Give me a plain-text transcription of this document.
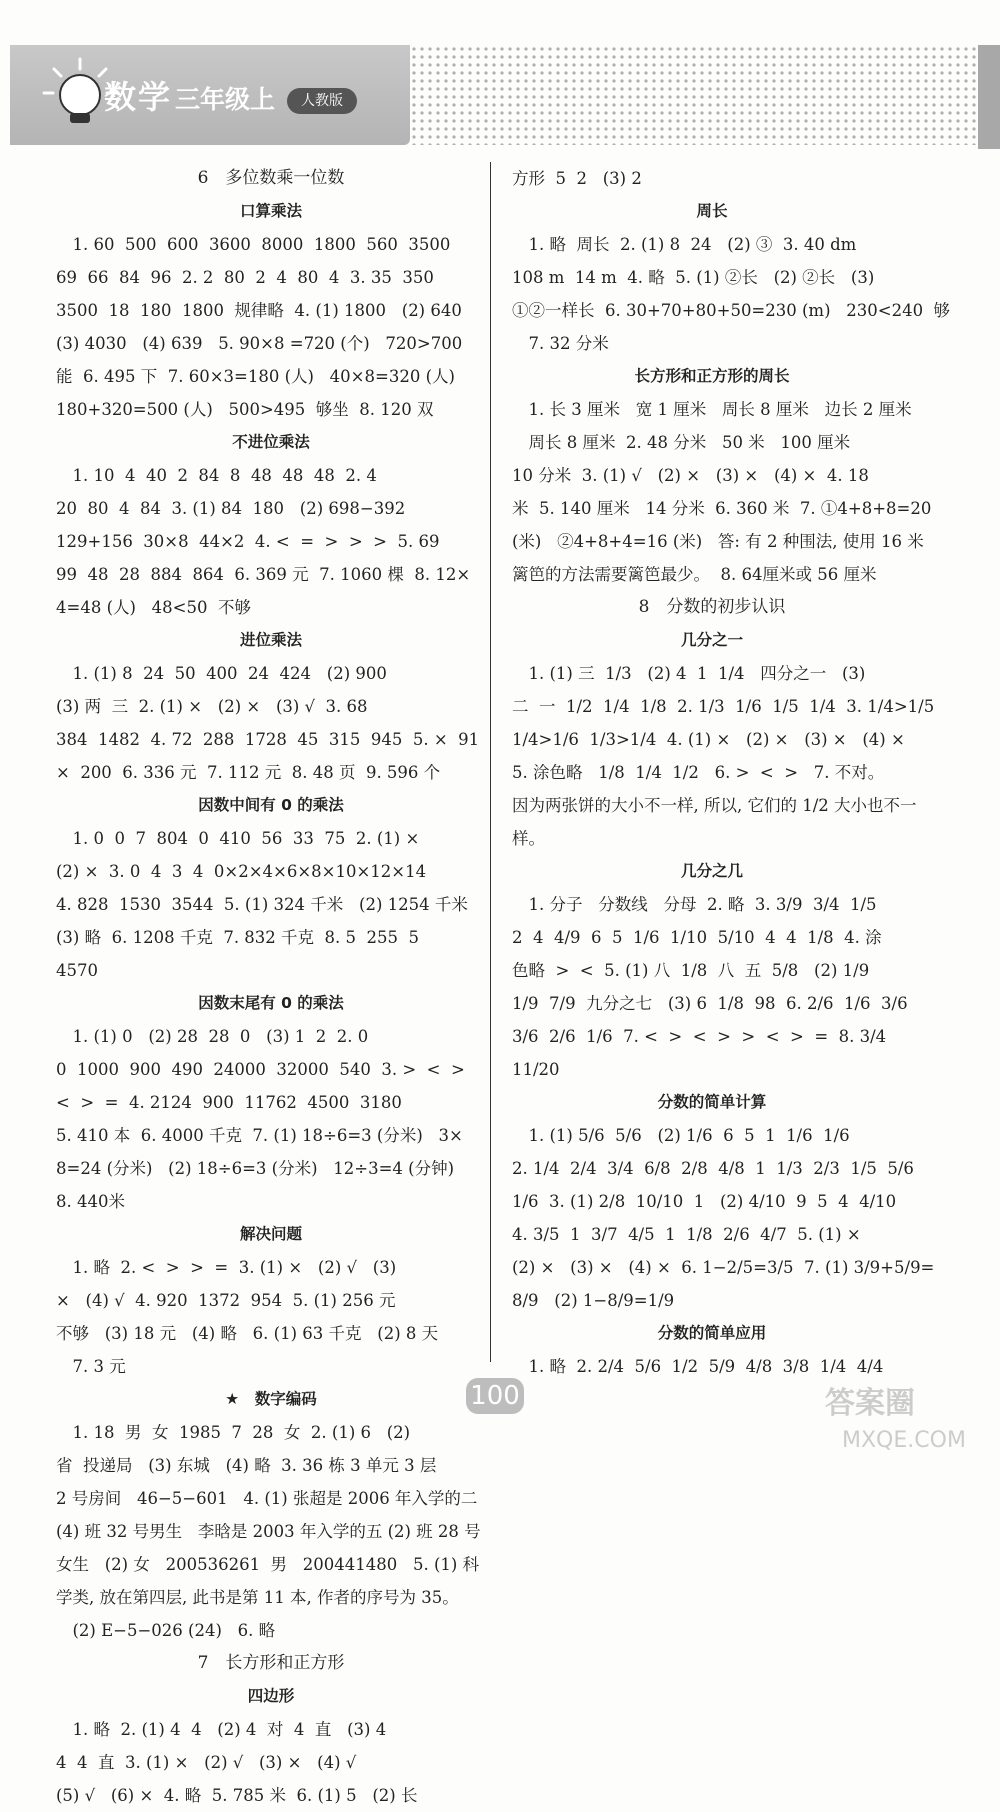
数学 三年级上	人教版

6　多位数乘一位数

口算乘法

　1. 60  500  600  3600  8000  1800  560  3500

69  66  84  96  2. 2  80  2  4  80  4  3. 35  350

3500  18  180  1800  规律略  4. (1) 1800   (2) 640

(3) 4030   (4) 639   5. 90×8 =720 (个)   720>700

能  6. 495 下  7. 60×3=180 (人)   40×8=320 (人)

180+320=500 (人)   500>495  够坐  8. 120 双

不进位乘法

　1. 10  4  40  2  84  8  48  48  48  2. 4

20  80  4  84  3. (1) 84  180   (2) 698−392

129+156  30×8  44×2  4. <  =  >  >  >  5. 69

99  48  28  884  864  6. 369 元  7. 1060 棵  8. 12×

4=48 (人)   48<50  不够

进位乘法

　1. (1) 8  24  50  400  24  424   (2) 900

(3) 两  三  2. (1) ×   (2) ×   (3) √  3. 68

384  1482  4. 72  288  1728  45  315  945  5. ×  91

×  200  6. 336 元  7. 112 元  8. 48 页  9. 596 个

因数中间有 0 的乘法

　1. 0  0  7  804  0  410  56  33  75  2. (1) ×

(2) ×  3. 0  4  3  4  0×2×4×6×8×10×12×14

4. 828  1530  3544  5. (1) 324 千米   (2) 1254 千米

(3) 略  6. 1208 千克  7. 832 千克  8. 5  255  5

4570

因数末尾有 0 的乘法

　1. (1) 0   (2) 28  28  0   (3) 1  2  2. 0

0  1000  900  490  24000  32000  540  3. >  <  >

<  >  =  4. 2124  900  11762  4500  3180

5. 410 本  6. 4000 千克  7. (1) 18÷6=3 (分米)   3×

8=24 (分米)   (2) 18÷6=3 (分米)   12÷3=4 (分钟)

8. 440米

解决问题

　1. 略  2. <  >  >  =  3. (1) ×   (2) √   (3)

×   (4) √  4. 920  1372  954  5. (1) 256 元

不够   (3) 18 元   (4) 略   6. (1) 63 千克   (2) 8 天

　7. 3 元

★　数字编码

　1. 18  男  女  1985  7  28  女  2. (1) 6   (2)

省  投递局   (3) 东城   (4) 略  3. 36 栋 3 单元 3 层

2 号房间   46−5−601   4. (1) 张超是 2006 年入学的二

(4) 班 32 号男生   李晗是 2003 年入学的五 (2) 班 28 号

女生   (2) 女   200536261  男   200441480   5. (1) 科

学类, 放在第四层, 此书是第 11 本, 作者的序号为 35。

　(2) E−5−026 (24)   6. 略

7　长方形和正方形

四边形

　1. 略  2. (1) 4  4   (2) 4  对  4  直   (3) 4

4  4  直  3. (1) ×   (2) √   (3) ×   (4) √

(5) √   (6) ×  4. 略  5. 785 米  6. (1) 5   (2) 长

方形  5  2   (3) 2

周长

　1. 略  周长  2. (1) 8  24   (2) ③  3. 40 dm

108 m  14 m  4. 略  5. (1) ②长   (2) ②长   (3)

①②一样长  6. 30+70+80+50=230 (m)   230<240  够

　7. 32 分米

长方形和正方形的周长

　1. 长 3 厘米   宽 1 厘米   周长 8 厘米   边长 2 厘米

　周长 8 厘米  2. 48 分米   50 米   100 厘米

10 分米  3. (1) √   (2) ×   (3) ×   (4) ×  4. 18

米  5. 140 厘米   14 分米  6. 360 米  7. ①4+8+8=20

(米)   ②4+8+4=16 (米)   答: 有 2 种围法, 使用 16 米

篱笆的方法需要篱笆最少。  8. 64厘米或 56 厘米

8　分数的初步认识

几分之一

　1. (1) 三  1/3   (2) 4  1  1/4   四分之一   (3)

二  一  1/2  1/4  1/8  2. 1/3  1/6  1/5  1/4  3. 1/4>1/5

1/4>1/6  1/3>1/4  4. (1) ×   (2) ×   (3) ×   (4) ×

5. 涂色略   1/8  1/4  1/2   6. >  <  >   7. 不对。

因为两张饼的大小不一样, 所以, 它们的 1/2 大小也不一

样。

几分之几

　1. 分子   分数线   分母  2. 略  3. 3/9  3/4  1/5

2  4  4/9  6  5  1/6  1/10  5/10  4  4  1/8  4. 涂

色略  >  <  5. (1) 八  1/8  八  五  5/8   (2) 1/9

1/9  7/9  九分之七   (3) 6  1/8  98  6. 2/6  1/6  3/6

3/6  2/6  1/6  7. <  >  <  >  >  <  >  =  8. 3/4

11/20

分数的简单计算

　1. (1) 5/6  5/6   (2) 1/6  6  5  1  1/6  1/6

2. 1/4  2/4  3/4  6/8  2/8  4/8  1  1/3  2/3  1/5  5/6

1/6  3. (1) 2/8  10/10  1   (2) 4/10  9  5  4  4/10

4. 3/5  1  3/7  4/5  1  1/8  2/6  4/7  5. (1) ×

(2) ×   (3) ×   (4) ×  6. 1−2/5=3/5  7. (1) 3/9+5/9=

8/9   (2) 1−8/9=1/9

分数的简单应用

　1. 略  2. 2/4  5/6  1/2  5/9  4/8  3/8  1/4  4/4

100	答案圈
MXQE.COM
